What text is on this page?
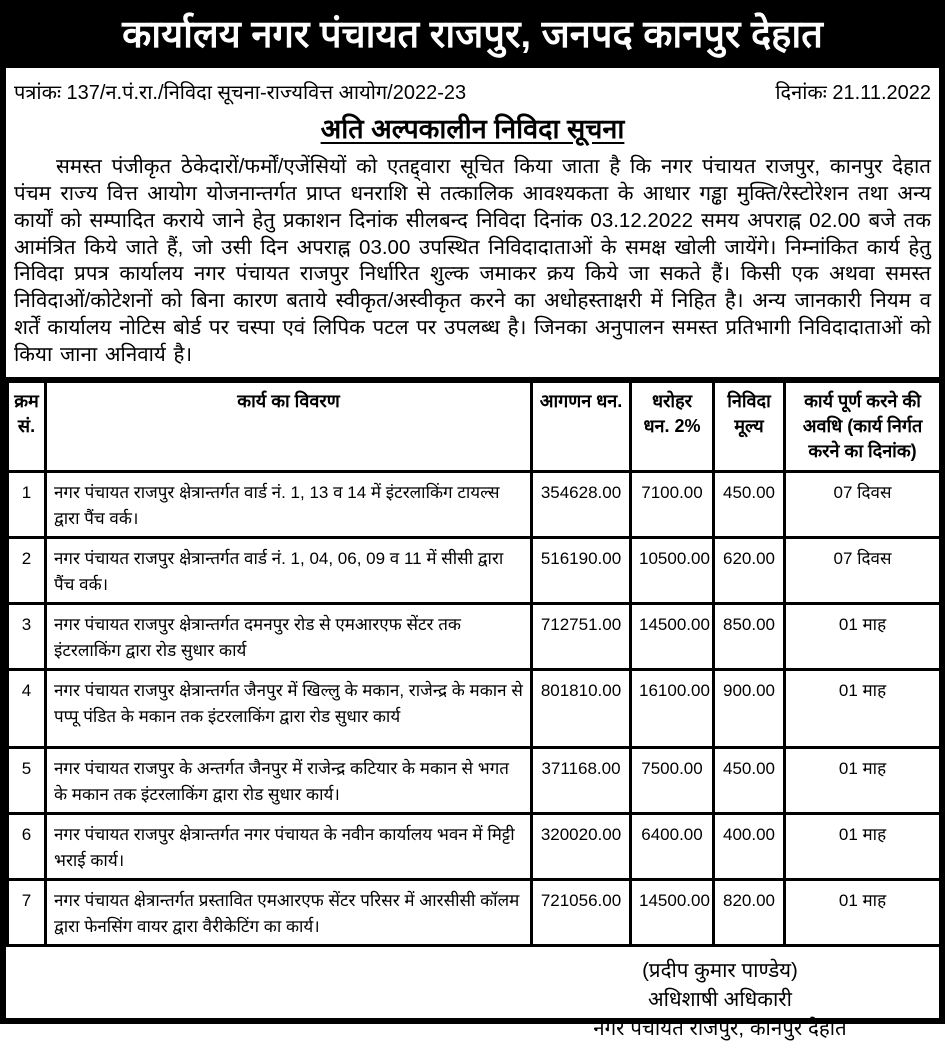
कार्यालय नगर पंचायत राजपुर, जनपद कानपुर देहात
पत्रांकः 137/न.पं.रा./निविदा सूचना-राज्यवित्त आयोग/2022-23	दिनांकः 21.11.2022
अति अल्पकालीन निविदा सूचना
समस्त पंजीकृत ठेकेदारों/फर्मों/एजेंसियों को एतद्द्वारा सूचित किया जाता है कि नगर पंचायत राजपुर, कानपुर देहात पंचम राज्य वित्त आयोग योजनान्तर्गत प्राप्त धनराशि से तत्कालिक आवश्यकता के आधार गड्ढा मुक्ति/रेस्टोरेशन तथा अन्य कार्यों को सम्पादित कराये जाने हेतु प्रकाशन दिनांक सीलबन्द निविदा दिनांक 03.12.2022 समय अपराह्न 02.00 बजे तक आमंत्रित किये जाते हैं, जो उसी दिन अपराह्न 03.00 उपस्थित निविदादाताओं के समक्ष खोली जायेंगे। निम्नांकित कार्य हेतु निविदा प्रपत्र कार्यालय नगर पंचायत राजपुर निर्धारित शुल्क जमाकर क्रय किये जा सकते हैं। किसी एक अथवा समस्त निविदाओं/कोटेशनों को बिना कारण बताये स्वीकृत/अस्वीकृत करने का अधोहस्ताक्षरी में निहित है। अन्य जानकारी नियम व शर्तें कार्यालय नोटिस बोर्ड पर चस्पा एवं लिपिक पटल पर उपलब्ध है। जिनका अनुपालन समस्त प्रतिभागी निविदादाताओं को किया जाना अनिवार्य है।
क्रम सं.	कार्य का विवरण	आगणन धन.	धरोहर धन. 2%	निविदा मूल्य	कार्य पूर्ण करने की अवधि (कार्य निर्गत करने का दिनांक)
1	नगर पंचायत राजपुर क्षेत्रान्तर्गत वार्ड नं. 1, 13 व 14 में इंटरलाकिंग टायल्स द्वारा पैंच वर्क।	354628.00	7100.00	450.00	07 दिवस
2	नगर पंचायत राजपुर क्षेत्रान्तर्गत वार्ड नं. 1, 04, 06, 09 व 11 में सीसी द्वारा पैंच वर्क।	516190.00	10500.00	620.00	07 दिवस
3	नगर पंचायत राजपुर क्षेत्रान्तर्गत दमनपुर रोड से एमआरएफ सेंटर तक इंटरलाकिंग द्वारा रोड सुधार कार्य	712751.00	14500.00	850.00	01 माह
4	नगर पंचायत राजपुर क्षेत्रान्तर्गत जैनपुर में खिल्लु के मकान, राजेन्द्र के मकान से पप्पू पंडित के मकान तक इंटरलाकिंग द्वारा रोड सुधार कार्य	801810.00	16100.00	900.00	01 माह
5	नगर पंचायत राजपुर के अन्तर्गत जैनपुर में राजेन्द्र कटियार के मकान से भगत के मकान तक इंटरलाकिंग द्वारा रोड सुधार कार्य।	371168.00	7500.00	450.00	01 माह
6	नगर पंचायत राजपुर क्षेत्रान्तर्गत नगर पंचायत के नवीन कार्यालय भवन में मिट्टी भराई कार्य।	320020.00	6400.00	400.00	01 माह
7	नगर पंचायत क्षेत्रान्तर्गत प्रस्तावित एमआरएफ सेंटर परिसर में आरसीसी कॉलम द्वारा फेनसिंग वायर द्वारा वैरीकेटिंग का कार्य।	721056.00	14500.00	820.00	01 माह
(प्रदीप कुमार पाण्डेय)
अधिशाषी अधिकारी
नगर पंचायत राजपुर, कानपुर देहात
